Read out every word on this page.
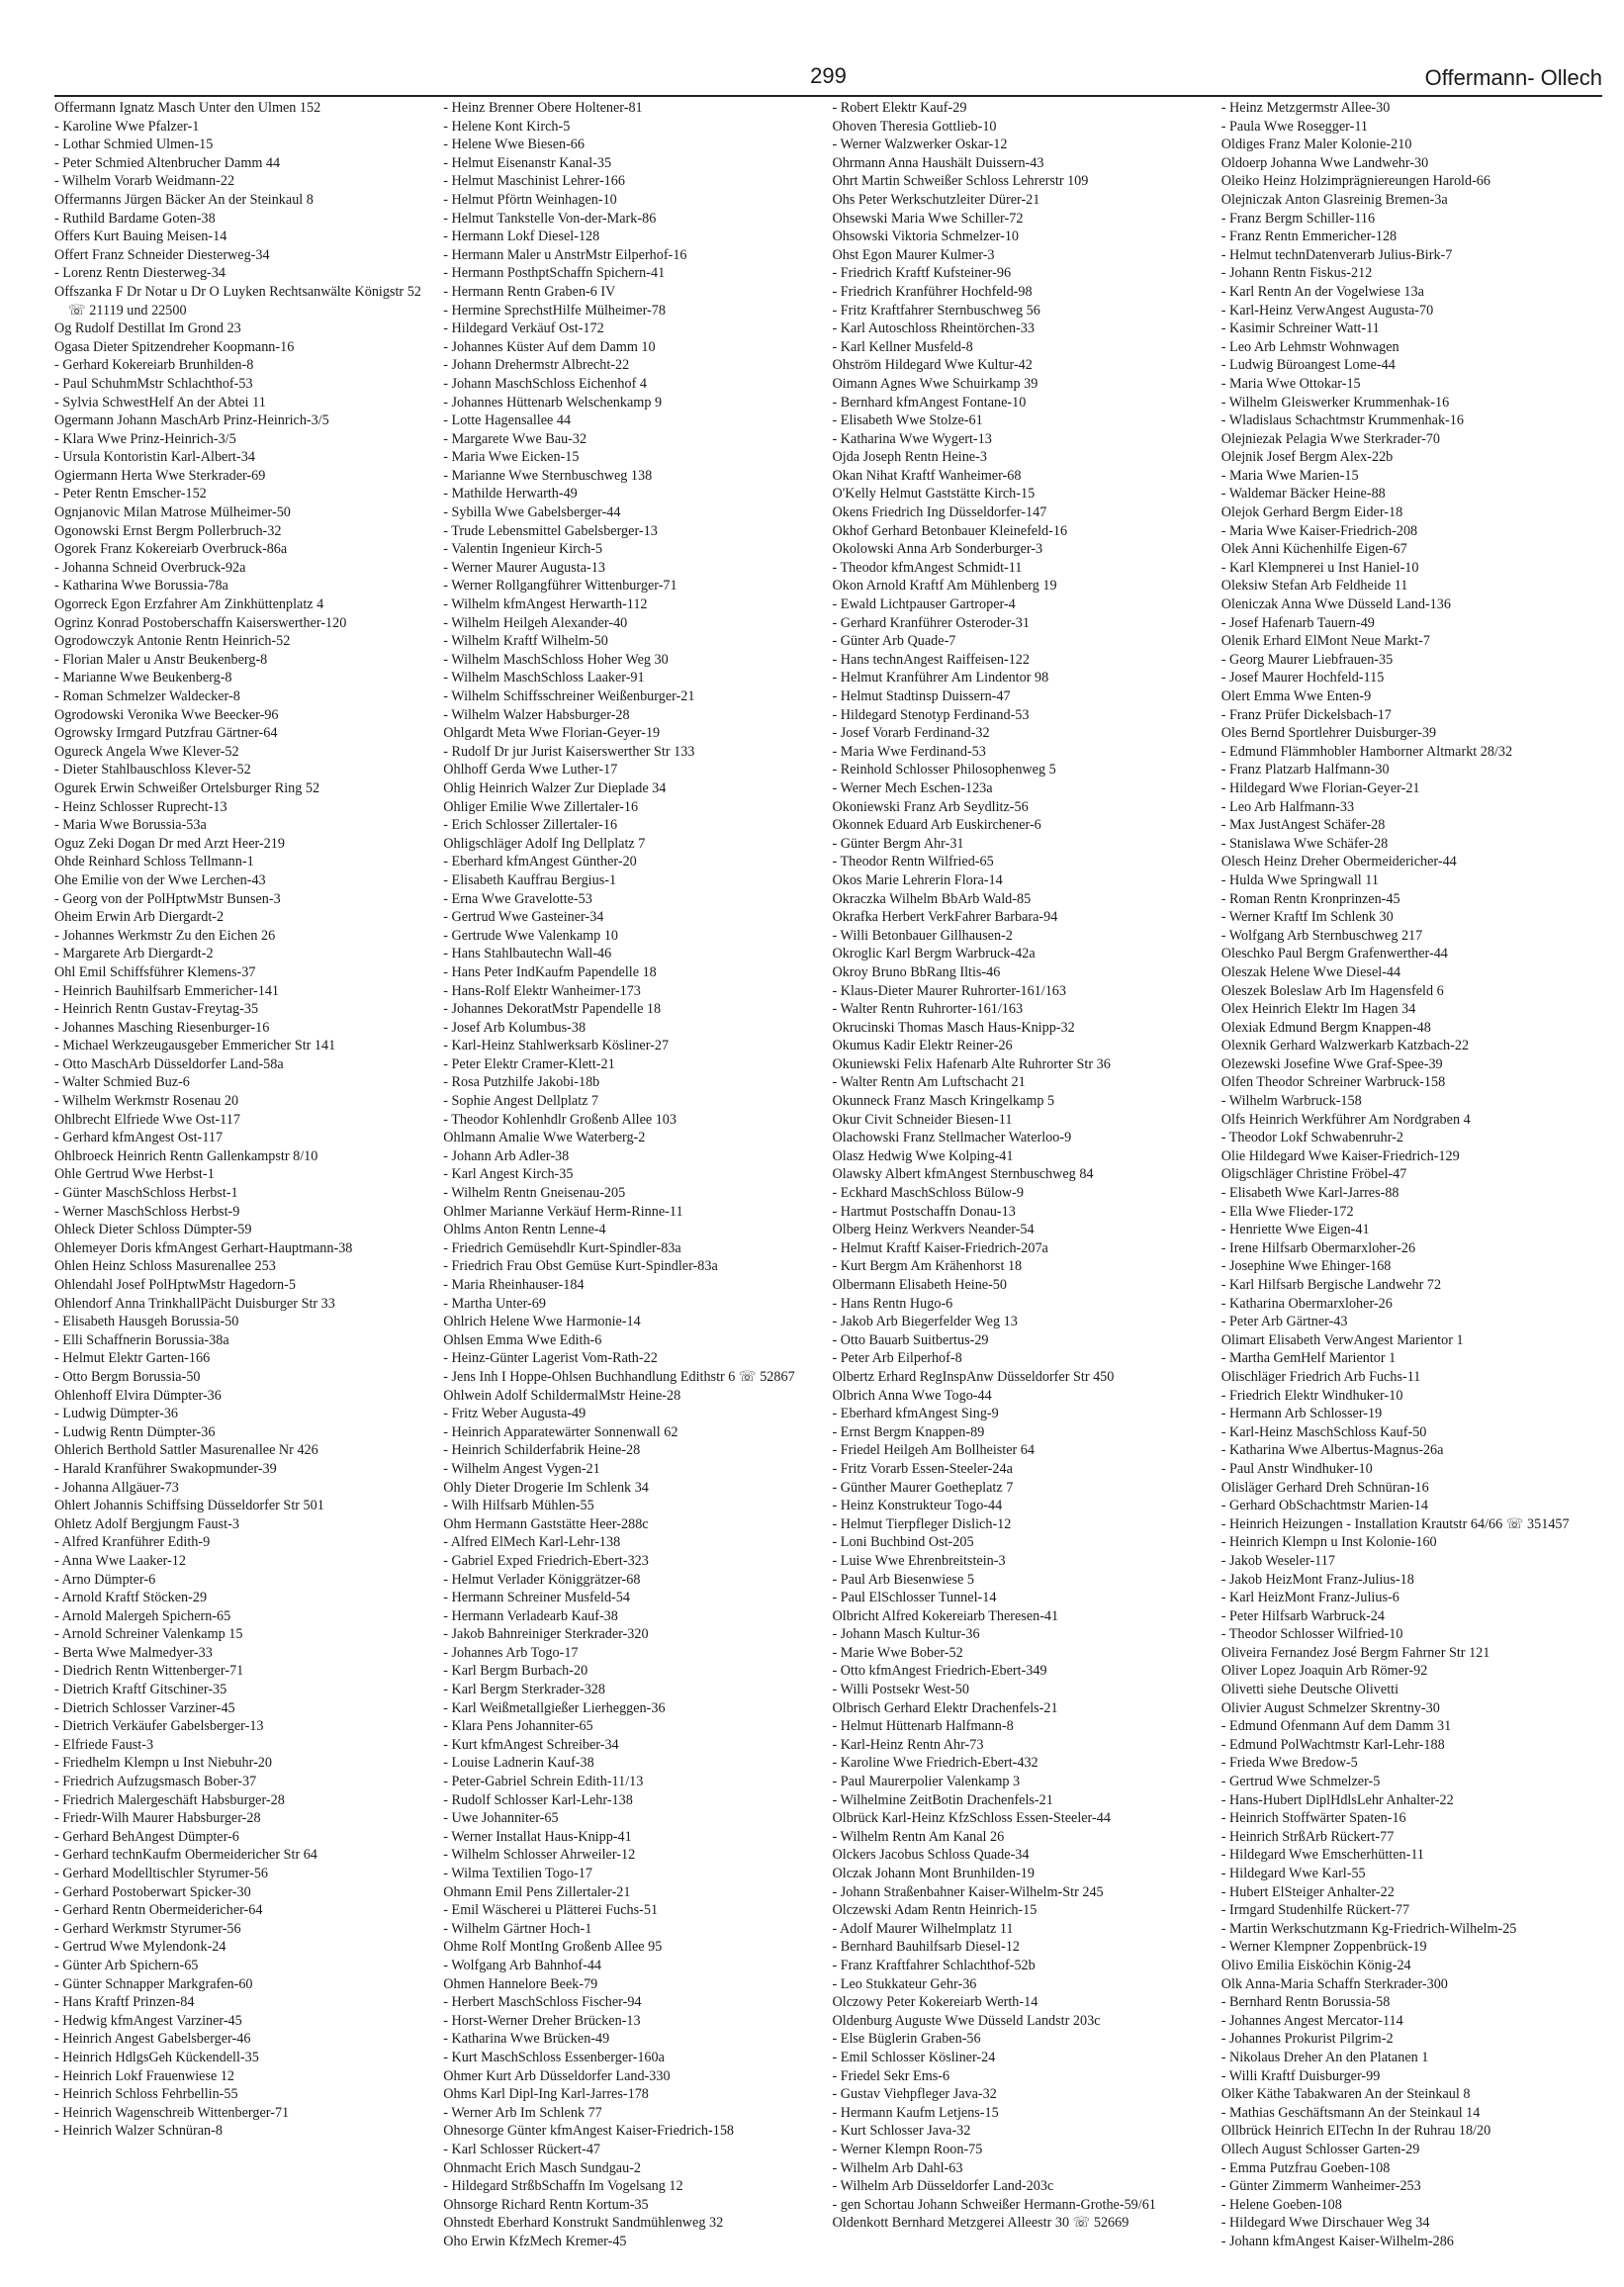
299	Offermann- Ollech
Offermann Ignatz Masch Unter den Ulmen 152
- Karoline Wwe Pfalzer-1
- Lothar Schmied Ulmen-15
- Peter Schmied Altenbrucher Damm 44
- Wilhelm Vorarb Weidmann-22
Offermanns Jürgen Bäcker An der Steinkaul 8
- Ruthild Bardame Goten-38
Offers Kurt Bauing Meisen-14
Offert Franz Schneider Diesterweg-34
- Lorenz Rentn Diesterweg-34
Offszanka F Dr Notar u Dr O Luyken Rechtsanwälte Königstr 52 ☏ 21119 und 22500
Og Rudolf Destillat Im Grond 23
Ogasa Dieter Spitzendreher Koopmann-16
- Gerhard Kokereiarb Brunhilden-8
- Paul SchuhmMstr Schlachthof-53
- Sylvia SchwestHelf An der Abtei 11
Ogermann Johann MaschArb Prinz-Heinrich-3/5
- Klara Wwe Prinz-Heinrich-3/5
- Ursula Kontoristin Karl-Albert-34
Ogiermann Herta Wwe Sterkrader-69
- Peter Rentn Emscher-152
Ognjanovic Milan Matrose Mülheimer-50
Ogonowski Ernst Bergm Pollerbruch-32
Ogorek Franz Kokereiarb Overbruck-86a
- Johanna Schneid Overbruck-92a
- Katharina Wwe Borussia-78a
Ogorreck Egon Erzfahrer Am Zinkhüttenplatz 4
Ogrinz Konrad Postoberschaffn Kaiserswerther-120
Ogrodowczyk Antonie Rentn Heinrich-52
- Florian Maler u Anstr Beukenberg-8
- Marianne Wwe Beukenberg-8
- Roman Schmelzer Waldecker-8
Ogrodowski Veronika Wwe Beecker-96
Ogrowsky Irmgard Putzfrau Gärtner-64
Ogureck Angela Wwe Klever-52
- Dieter Stahlbauschloss Klever-52
Ogurek Erwin Schweißer Ortelsburger Ring 52
- Heinz Schlosser Ruprecht-13
- Maria Wwe Borussia-53a
Oguz Zeki Dogan Dr med Arzt Heer-219
Ohde Reinhard Schloss Tellmann-1
Ohe Emilie von der Wwe Lerchen-43
- Georg von der PolHptwMstr Bunsen-3
Oheim Erwin Arb Diergardt-2
- Johannes Werkmstr Zu den Eichen 26
- Margarete Arb Diergardt-2
Ohl Emil Schiffsführer Klemens-37
- Heinrich Bauhilfsarb Emmericher-141
- Heinrich Rentn Gustav-Freytag-35
- Johannes Masching Riesenburger-16
- Michael Werkzeugausgeber Emmericher Str 141
- Otto MaschArb Düsseldorfer Land-58a
- Walter Schmied Buz-6
- Wilhelm Werkmstr Rosenau 20
Ohlbrecht Elfriede Wwe Ost-117
- Gerhard kfmAngest Ost-117
Ohlbroeck Heinrich Rentn Gallenkampstr 8/10
Ohle Gertrud Wwe Herbst-1
- Günter MaschSchloss Herbst-1
- Werner MaschSchloss Herbst-9
Ohleck Dieter Schloss Dümpter-59
Ohlemeyer Doris kfmAngest Gerhart-Hauptmann-38
Ohlen Heinz Schloss Masurenallee 253
Ohlendahl Josef PolHptwMstr Hagedorn-5
Ohlendorf Anna TrinkhallPächt Duisburger Str 33
- Elisabeth Hausgeh Borussia-50
- Elli Schaffnerin Borussia-38a
- Helmut Elektr Garten-166
- Otto Bergm Borussia-50
Ohlenhoff Elvira Dümpter-36
- Ludwig Dümpter-36
- Ludwig Rentn Dümpter-36
Ohlerich Berthold Sattler Masurenallee Nr 426
- Harald Kranführer Swakopmunder-39
- Johanna Allgäuer-73
Ohlert Johannis Schiffsing Düsseldorfer Str 501
Ohletz Adolf Bergjungm Faust-3
- Alfred Kranführer Edith-9
- Anna Wwe Laaker-12
- Arno Dümpter-6
- Arnold Kraftf Stöcken-29
- Arnold Malergeh Spichern-65
- Arnold Schreiner Valenkamp 15
- Berta Wwe Malmedyer-33
- Diedrich Rentn Wittenberger-71
- Dietrich Kraftf Gitschiner-35
- Dietrich Schlosser Varziner-45
- Dietrich Verkäufer Gabelsberger-13
- Elfriede Faust-3
- Friedhelm Klempn u Inst Niebuhr-20
- Friedrich Aufzugsmasch Bober-37
- Friedrich Malergeschäft Habsburger-28
- Friedr-Wilh Maurer Habsburger-28
- Gerhard BehAngest Dümpter-6
- Gerhard technKaufm Obermeidericher Str 64
- Gerhard Modelltischler Styrumer-56
- Gerhard Postoberwart Spicker-30
- Gerhard Rentn Obermeidericher-64
- Gerhard Werkmstr Styrumer-56
- Gertrud Wwe Mylendonk-24
- Günter Arb Spichern-65
- Günter Schnapper Markgrafen-60
- Hans Kraftf Prinzen-84
- Hedwig kfmAngest Varziner-45
- Heinrich Angest Gabelsberger-46
- Heinrich HdlgsGeh Kückendell-35
- Heinrich Lokf Frauenwiese 12
- Heinrich Schloss Fehrbellin-55
- Heinrich Wagenschreib Wittenberger-71
- Heinrich Walzer Schnüran-8
- Heinz Brenner Obere Holtener-81
- Helene Kont Kirch-5
- Helene Wwe Biesen-66
- Helmut Eisenanstr Kanal-35
- Helmut Maschinist Lehrer-166
- Helmut Pförtn Weinhagen-10
- Helmut Tankstelle Von-der-Mark-86
- Hermann Lokf Diesel-128
- Hermann Maler u AnstrMstr Eilperhof-16
- Hermann PosthptSchaffn Spichern-41
- Hermann Rentn Graben-6 IV
- Hermine SprechstHilfe Mülheimer-78
- Hildegard Verkäuf Ost-172
- Johannes Küster Auf dem Damm 10
- Johann Drehermstr Albrecht-22
- Johann MaschSchloss Eichenhof 4
- Johannes Hüttenarb Welschenkamp 9
- Lotte Hagensallee 44
- Margarete Wwe Bau-32
- Maria Wwe Eicken-15
- Marianne Wwe Sternbuschweg 138
- Mathilde Herwarth-49
- Sybilla Wwe Gabelsberger-44
- Trude Lebensmittel Gabelsberger-13
- Valentin Ingenieur Kirch-5
- Werner Maurer Augusta-13
- Werner Rollgangführer Wittenburger-71
- Wilhelm kfmAngest Herwarth-112
- Wilhelm Heilgeh Alexander-40
- Wilhelm Kraftf Wilhelm-50
- Wilhelm MaschSchloss Hoher Weg 30
- Wilhelm MaschSchloss Laaker-91
- Wilhelm Schiffsschreiner Weißenburger-21
- Wilhelm Walzer Habsburger-28
Ohlgardt Meta Wwe Florian-Geyer-19
- Rudolf Dr jur Jurist Kaiserswerther Str 133
Ohlhoff Gerda Wwe Luther-17
Ohlig Heinrich Walzer Zur Dieplade 34
Ohliger Emilie Wwe Zillertaler-16
- Erich Schlosser Zillertaler-16
Ohligschläger Adolf Ing Dellplatz 7
- Eberhard kfmAngest Günther-20
- Elisabeth Kauffrau Bergius-1
- Erna Wwe Gravelotte-53
- Gertrud Wwe Gasteiner-34
- Gertrude Wwe Valenkamp 10
- Hans Stahlbautechn Wall-46
- Hans Peter IndKaufm Papendelle 18
- Hans-Rolf Elektr Wanheimer-173
- Johannes DekoratMstr Papendelle 18
- Josef Arb Kolumbus-38
- Karl-Heinz Stahlwerksarb Kösliner-27
- Peter Elektr Cramer-Klett-21
- Rosa Putzhilfe Jakobi-18b
- Sophie Angest Dellplatz 7
- Theodor Kohlenhdlr Großenb Allee 103
Ohlmann Amalie Wwe Waterberg-2
- Johann Arb Adler-38
- Karl Angest Kirch-35
- Wilhelm Rentn Gneisenau-205
Ohlmer Marianne Verkäuf Herm-Rinne-11
Ohlms Anton Rentn Lenne-4
- Friedrich Gemüsehdlr Kurt-Spindler-83a
- Friedrich Frau Obst Gemüse Kurt-Spindler-83a
- Maria Rheinhauser-184
- Martha Unter-69
Ohlrich Helene Wwe Harmonie-14
Ohlsen Emma Wwe Edith-6
- Heinz-Günter Lagerist Vom-Rath-22
- Jens Inh I Hoppe-Ohlsen Buchhandlung Edithstr 6 ☏ 52867
Ohlwein Adolf SchildermalMstr Heine-28
- Fritz Weber Augusta-49
- Heinrich Apparatewärter Sonnenwall 62
- Heinrich Schilderfabrik Heine-28
- Wilhelm Angest Vygen-21
Ohly Dieter Drogerie Im Schlenk 34
- Wilh Hilfsarb Mühlen-55
Ohm Hermann Gaststätte Heer-288c
- Alfred ElMech Karl-Lehr-138
- Gabriel Exped Friedrich-Ebert-323
- Helmut Verlader Königgrätzer-68
- Hermann Schreiner Musfeld-54
- Hermann Verladearb Kauf-38
- Jakob Bahnreiniger Sterkrader-320
- Johannes Arb Togo-17
- Karl Bergm Burbach-20
- Karl Bergm Sterkrader-328
- Karl Weißmetallgießer Lierheggen-36
- Klara Pens Johanniter-65
- Kurt kfmAngest Schreiber-34
- Louise Ladnerin Kauf-38
- Peter-Gabriel Schrein Edith-11/13
- Rudolf Schlosser Karl-Lehr-138
- Uwe Johanniter-65
- Werner Installat Haus-Knipp-41
- Wilhelm Schlosser Ahrweiler-12
- Wilma Textilien Togo-17
Ohmann Emil Pens Zillertaler-21
- Emil Wäscherei u Plätterei Fuchs-51
- Wilhelm Gärtner Hoch-1
Ohme Rolf MontIng Großenb Allee 95
- Wolfgang Arb Bahnhof-44
Ohmen Hannelore Beek-79
- Herbert MaschSchloss Fischer-94
- Horst-Werner Dreher Brücken-13
- Katharina Wwe Brücken-49
- Kurt MaschSchloss Essenberger-160a
Ohmer Kurt Arb Düsseldorfer Land-330
Ohms Karl Dipl-Ing Karl-Jarres-178
- Werner Arb Im Schlenk 77
Ohnesorge Günter kfmAngest Kaiser-Friedrich-158
- Karl Schlosser Rückert-47
Ohnmacht Erich Masch Sundgau-2
- Hildegard StrßbSchaffn Im Vogelsang 12
Ohnsorge Richard Rentn Kortum-35
Ohnstedt Eberhard Konstrukt Sandmühlenweg 32
Oho Erwin KfzMech Kremer-45
- Robert Elektr Kauf-29
Ohoven Theresia Gottlieb-10
- Werner Walzwerker Oskar-12
Ohrmann Anna Haushält Duissern-43
Ohrt Martin Schweißer Schloss Lehrerstr 109
Ohs Peter Werkschutzleiter Dürer-21
Ohsewski Maria Wwe Schiller-72
Ohsowski Viktoria Schmelzer-10
Ohst Egon Maurer Kulmer-3
- Friedrich Kraftf Kufsteiner-96
- Friedrich Kranführer Hochfeld-98
- Fritz Kraftfahrer Sternbuschweg 56
- Karl Autoschloss Rheintörchen-33
- Karl Kellner Musfeld-8
Ohström Hildegard Wwe Kultur-42
Oimann Agnes Wwe Schuirkamp 39
- Bernhard kfmAngest Fontane-10
- Elisabeth Wwe Stolze-61
- Katharina Wwe Wygert-13
Ojda Joseph Rentn Heine-3
Okan Nihat Kraftf Wanheimer-68
O'Kelly Helmut Gaststätte Kirch-15
Okens Friedrich Ing Düsseldorfer-147
Okhof Gerhard Betonbauer Kleinefeld-16
Okolowski Anna Arb Sonderburger-3
- Theodor kfmAngest Schmidt-11
Okon Arnold Kraftf Am Mühlenberg 19
- Ewald Lichtpauser Gartroper-4
- Gerhard Kranführer Osteroder-31
- Günter Arb Quade-7
- Hans technAngest Raiffeisen-122
- Helmut Kranführer Am Lindentor 98
- Helmut Stadtinsp Duissern-47
- Hildegard Stenotyp Ferdinand-53
- Josef Vorarb Ferdinand-32
- Maria Wwe Ferdinand-53
- Reinhold Schlosser Philosophenweg 5
- Werner Mech Eschen-123a
Okoniewski Franz Arb Seydlitz-56
Okonnek Eduard Arb Euskirchener-6
- Günter Bergm Ahr-31
- Theodor Rentn Wilfried-65
Okos Marie Lehrerin Flora-14
Okraczka Wilhelm BbArb Wald-85
Okrafka Herbert VerkFahrer Barbara-94
- Willi Betonbauer Gillhausen-2
Okroglic Karl Bergm Warbruck-42a
Okroy Bruno BbRang Iltis-46
- Klaus-Dieter Maurer Ruhrorter-161/163
- Walter Rentn Ruhrorter-161/163
Okrucinski Thomas Masch Haus-Knipp-32
Okumus Kadir Elektr Reiner-26
Okuniewski Felix Hafenarb Alte Ruhrorter Str 36
- Walter Rentn Am Luftschacht 21
Okunneck Franz Masch Kringelkamp 5
Okur Civit Schneider Biesen-11
Olachowski Franz Stellmacher Waterloo-9
Olasz Hedwig Wwe Kolping-41
Olawsky Albert kfmAngest Sternbuschweg 84
- Eckhard MaschSchloss Bülow-9
- Hartmut Postschaffn Donau-13
Olberg Heinz Werkvers Neander-54
- Helmut Kraftf Kaiser-Friedrich-207a
- Kurt Bergm Am Krähenhorst 18
Olbermann Elisabeth Heine-50
- Hans Rentn Hugo-6
- Jakob Arb Biegerfelder Weg 13
- Otto Bauarb Suitbertus-29
- Peter Arb Eilperhof-8
Olbertz Erhard RegInspAnw Düsseldorfer Str 450
Olbrich Anna Wwe Togo-44
- Eberhard kfmAngest Sing-9
- Ernst Bergm Knappen-89
- Friedel Heilgeh Am Bollheister 64
- Fritz Vorarb Essen-Steeler-24a
- Günther Maurer Goetheplatz 7
- Heinz Konstrukteur Togo-44
- Helmut Tierpfleger Dislich-12
- Loni Buchbind Ost-205
- Luise Wwe Ehrenbreitstein-3
- Paul Arb Biesenwiese 5
- Paul ElSchlosser Tunnel-14
Olbricht Alfred Kokereiarb Theresen-41
- Johann Masch Kultur-36
- Marie Wwe Bober-52
- Otto kfmAngest Friedrich-Ebert-349
- Willi Postsekr West-50
Olbrisch Gerhard Elektr Drachenfels-21
- Helmut Hüttenarb Halfmann-8
- Karl-Heinz Rentn Ahr-73
- Karoline Wwe Friedrich-Ebert-432
- Paul Maurerpolier Valenkamp 3
- Wilhelmine ZeitBotin Drachenfels-21
Olbrück Karl-Heinz KfzSchloss Essen-Steeler-44
- Wilhelm Rentn Am Kanal 26
Olckers Jacobus Schloss Quade-34
Olczak Johann Mont Brunhilden-19
- Johann Straßenbahner Kaiser-Wilhelm-Str 245
Olczewski Adam Rentn Heinrich-15
- Adolf Maurer Wilhelmplatz 11
- Bernhard Bauhilfsarb Diesel-12
- Franz Kraftfahrer Schlachthof-52b
- Leo Stukkateur Gehr-36
Olczowy Peter Kokereiarb Werth-14
Oldenburg Auguste Wwe Düsseld Landstr 203c
- Else Büglerin Graben-56
- Emil Schlosser Kösliner-24
- Friedel Sekr Ems-6
- Gustav Viehpfleger Java-32
- Hermann Kaufm Letjens-15
- Kurt Schlosser Java-32
- Werner Klempn Roon-75
- Wilhelm Arb Dahl-63
- Wilhelm Arb Düsseldorfer Land-203c
- gen Schortau Johann Schweißer Hermann-Grothe-59/61
Oldenkott Bernhard Metzgerei Alleestr 30 ☏ 52669
- Heinz Metzgermstr Allee-30
- Paula Wwe Rosegger-11
Oldiges Franz Maler Kolonie-210
Oldoerp Johanna Wwe Landwehr-30
Oleiko Heinz Holzimprägniereungen Harold-66
Olejniczak Anton Glasreinig Bremen-3a
- Franz Bergm Schiller-116
- Franz Rentn Emmericher-128
- Helmut technDatenverarb Julius-Birk-7
- Johann Rentn Fiskus-212
- Karl Rentn An der Vogelwiese 13a
- Karl-Heinz VerwAngest Augusta-70
- Kasimir Schreiner Watt-11
- Leo Arb Lehmstr Wohnwagen
- Ludwig Büroangest Lome-44
- Maria Wwe Ottokar-15
- Wilhelm Gleiswerker Krummenhak-16
- Wladislaus Schachtmstr Krummenhak-16
Olejniezak Pelagia Wwe Sterkrader-70
Olejnik Josef Bergm Alex-22b
- Maria Wwe Marien-15
- Waldemar Bäcker Heine-88
Olejok Gerhard Bergm Eider-18
- Maria Wwe Kaiser-Friedrich-208
Olek Anni Küchenhilfe Eigen-67
- Karl Klempnerei u Inst Haniel-10
Oleksiw Stefan Arb Feldheide 11
Oleniczak Anna Wwe Düsseld Land-136
- Josef Hafenarb Tauern-49
Olenik Erhard ElMont Neue Markt-7
- Georg Maurer Liebfrauen-35
- Josef Maurer Hochfeld-115
Olert Emma Wwe Enten-9
- Franz Prüfer Dickelsbach-17
Oles Bernd Sportlehrer Duisburger-39
- Edmund Flämmhobler Hamborner Altmarkt 28/32
- Franz Platzarb Halfmann-30
- Hildegard Wwe Florian-Geyer-21
- Leo Arb Halfmann-33
- Max JustAngest Schäfer-28
- Stanislawa Wwe Schäfer-28
Olesch Heinz Dreher Obermeidericher-44
- Hulda Wwe Springwall 11
- Roman Rentn Kronprinzen-45
- Werner Kraftf Im Schlenk 30
- Wolfgang Arb Sternbuschweg 217
Oleschko Paul Bergm Grafenwerther-44
Oleszak Helene Wwe Diesel-44
Oleszek Boleslaw Arb Im Hagensfeld 6
Olex Heinrich Elektr Im Hagen 34
Olexiak Edmund Bergm Knappen-48
Olexnik Gerhard Walzwerkarb Katzbach-22
Olezewski Josefine Wwe Graf-Spee-39
Olfen Theodor Schreiner Warbruck-158
- Wilhelm Warbruck-158
Olfs Heinrich Werkführer Am Nordgraben 4
- Theodor Lokf Schwabenruhr-2
Olie Hildegard Wwe Kaiser-Friedrich-129
Oligschläger Christine Fröbel-47
- Elisabeth Wwe Karl-Jarres-88
- Ella Wwe Flieder-172
- Henriette Wwe Eigen-41
- Irene Hilfsarb Obermarxloher-26
- Josephine Wwe Ehinger-168
- Karl Hilfsarb Bergische Landwehr 72
- Katharina Obermarxloher-26
- Peter Arb Gärtner-43
Olimart Elisabeth VerwAngest Marientor 1
- Martha GemHelf Marientor 1
Olischläger Friedrich Arb Fuchs-11
- Friedrich Elektr Windhuker-10
- Hermann Arb Schlosser-19
- Karl-Heinz MaschSchloss Kauf-50
- Katharina Wwe Albertus-Magnus-26a
- Paul Anstr Windhuker-10
Olisläger Gerhard Dreh Schnüran-16
- Gerhard ObSchachtmstr Marien-14
- Heinrich Heizungen - Installation Krautstr 64/66 ☏ 351457
- Heinrich Klempn u Inst Kolonie-160
- Jakob Weseler-117
- Jakob HeizMont Franz-Julius-18
- Karl HeizMont Franz-Julius-6
- Peter Hilfsarb Warbruck-24
- Theodor Schlosser Wilfried-10
Oliveira Fernandez José Bergm Fahrner Str 121
Oliver Lopez Joaquin Arb Römer-92
Olivetti siehe Deutsche Olivetti
Olivier August Schmelzer Skrentny-30
- Edmund Ofenmann Auf dem Damm 31
- Edmund PolWachtmstr Karl-Lehr-188
- Frieda Wwe Bredow-5
- Gertrud Wwe Schmelzer-5
- Hans-Hubert DiplHdlsLehr Anhalter-22
- Heinrich Stoffwärter Spaten-16
- Heinrich StrßArb Rückert-77
- Hildegard Wwe Emscherhütten-11
- Hildegard Wwe Karl-55
- Hubert ElSteiger Anhalter-22
- Irmgard Studenhilfe Rückert-77
- Martin Werkschutzmann Kg-Friedrich-Wilhelm-25
- Werner Klempner Zoppenbrück-19
Olivo Emilia Eisköchin König-24
Olk Anna-Maria Schaffn Sterkrader-300
- Bernhard Rentn Borussia-58
- Johannes Angest Mercator-114
- Johannes Prokurist Pilgrim-2
- Nikolaus Dreher An den Platanen 1
- Willi Kraftf Duisburger-99
Olker Käthe Tabakwaren An der Steinkaul 8
- Mathias Geschäftsmann An der Steinkaul 14
Ollbrück Heinrich ElTechn In der Ruhrau 18/20
Ollech August Schlosser Garten-29
- Emma Putzfrau Goeben-108
- Günter Zimmerm Wanheimer-253
- Helene Goeben-108
- Hildegard Wwe Dirschauer Weg 34
- Johann kfmAngest Kaiser-Wilhelm-286
